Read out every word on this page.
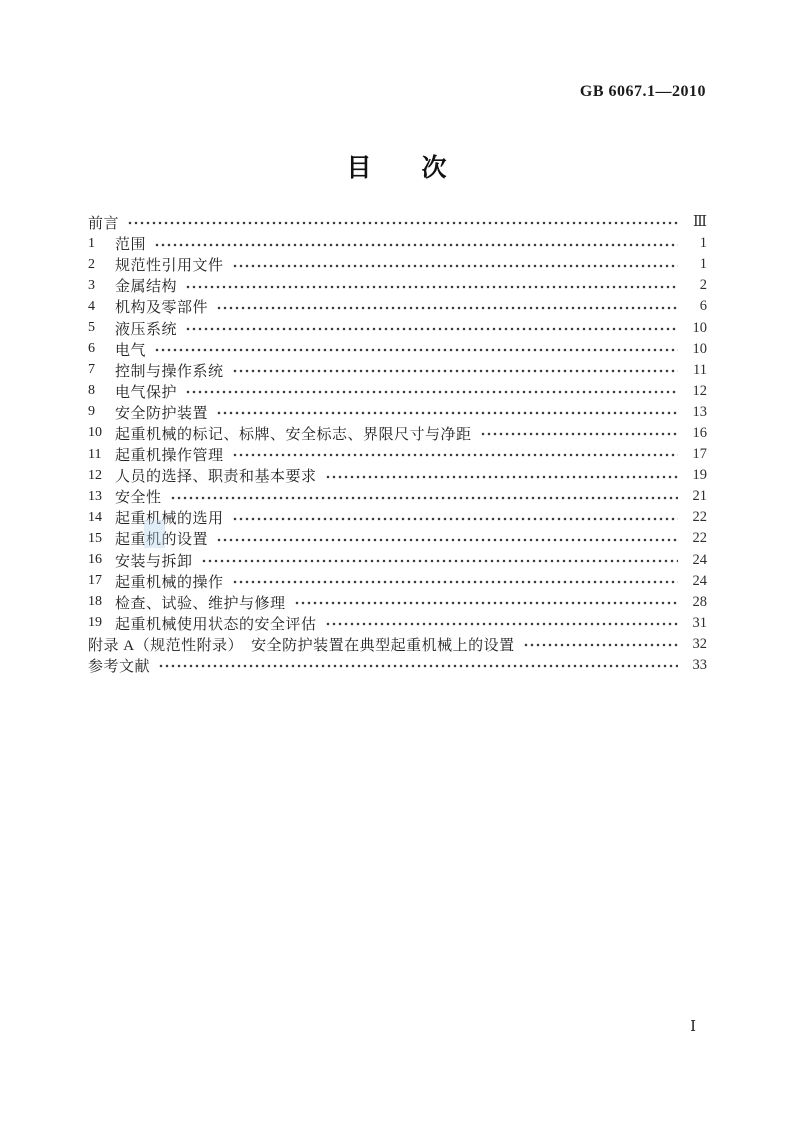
GB 6067.1—2010
目　　次
前言	Ⅲ
1	范围	1
2	规范性引用文件	1
3	金属结构	2
4	机构及零部件	6
5	液压系统	10
6	电气	10
7	控制与操作系统	11
8	电气保护	12
9	安全防护装置	13
10 起重机械的标记、标牌、安全标志、界限尺寸与净距	16
11 起重机操作管理	17
12 人员的选择、职责和基本要求	19
13 安全性	21
14 起重机械的选用	22
15 起重机的设置	22
16 安装与拆卸	24
17 起重机械的操作	24
18 检查、试验、维护与修理	28
19 起重机械使用状态的安全评估	31
附录 A（规范性附录）　安全防护装置在典型起重机械上的设置	32
参考文献	33
Ⅰ
